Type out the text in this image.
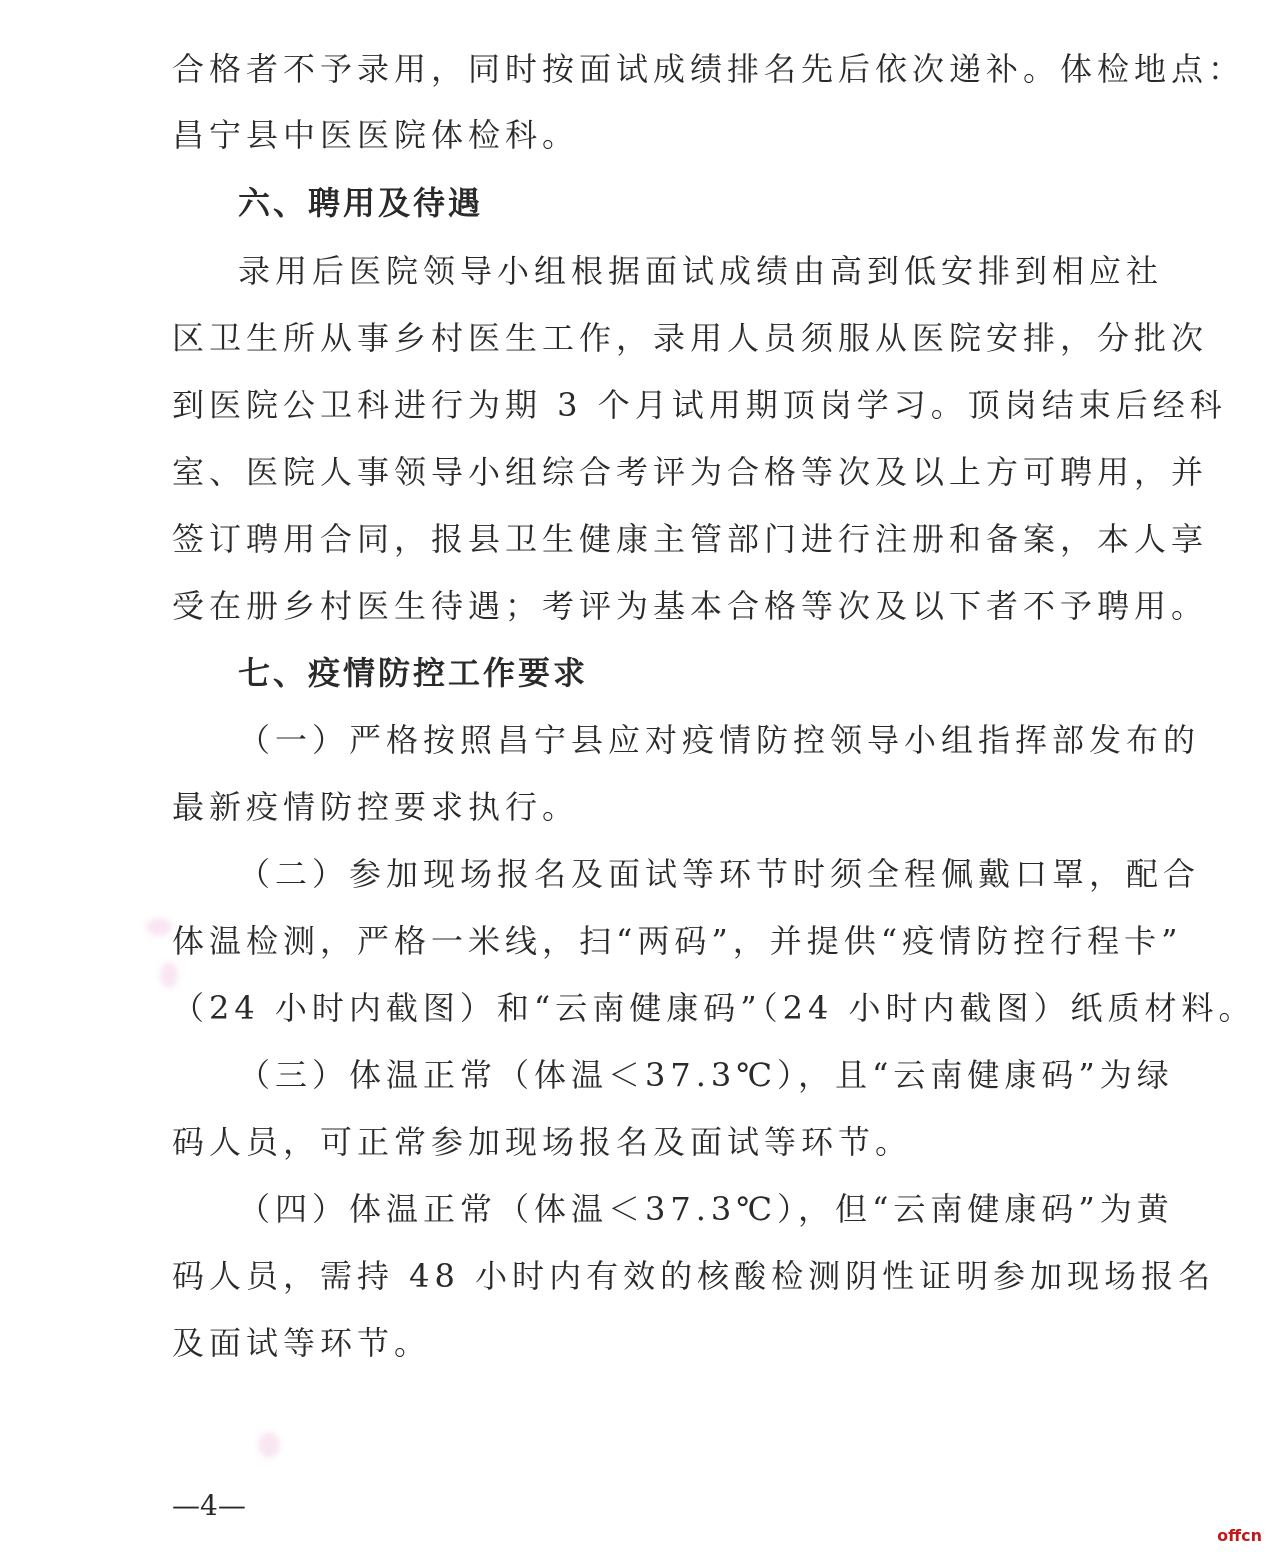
合格者不予录用，同时按面试成绩排名先后依次递补。体检地点：
昌宁县中医医院体检科。
六、聘用及待遇
录用后医院领导小组根据面试成绩由高到低安排到相应社
区卫生所从事乡村医生工作，录用人员须服从医院安排，分批次
到医院公卫科进行为期 3 个月试用期顶岗学习。顶岗结束后经科
室、医院人事领导小组综合考评为合格等次及以上方可聘用，并
签订聘用合同，报县卫生健康主管部门进行注册和备案，本人享
受在册乡村医生待遇；考评为基本合格等次及以下者不予聘用。
七、疫情防控工作要求
（一）严格按照昌宁县应对疫情防控领导小组指挥部发布的
最新疫情防控要求执行。
（二）参加现场报名及面试等环节时须全程佩戴口罩，配合
体温检测，严格一米线，扫“两码”，并提供“疫情防控行程卡”
（24 小时内截图）和“云南健康码”（24 小时内截图）纸质材料。
（三）体温正常（体温＜37.3℃），且“云南健康码”为绿
码人员，可正常参加现场报名及面试等环节。
（四）体温正常（体温＜37.3℃），但“云南健康码”为黄
码人员，需持 48 小时内有效的核酸检测阴性证明参加现场报名
及面试等环节。
—4—
offcn
